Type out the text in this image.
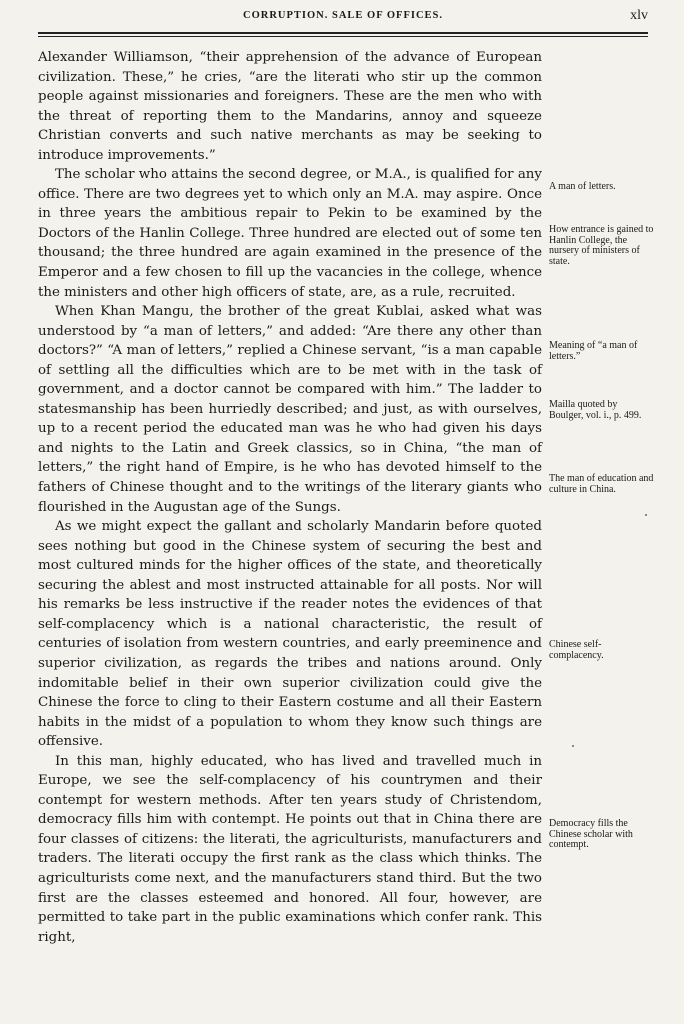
CORRUPTION. SALE OF OFFICES.	xlv

Alexander Williamson, “their apprehension of the advance of European civilization. These,” he cries, “are the literati who stir up the common people against missionaries and foreigners. These are the men who with the threat of reporting them to the Mandarins, annoy and squeeze Christian converts and such native merchants as may be seeking to introduce improvements.”

The scholar who attains the second degree, or M.A., is qualified for any office. There are two degrees yet to which only an M.A. may aspire. Once in three years the ambitious repair to Pekin to be examined by the Doctors of the Hanlin College. Three hundred are elected out of some ten thousand; the three hundred are again examined in the presence of the Emperor and a few chosen to fill up the vacancies in the college, whence the ministers and other high officers of state, are, as a rule, recruited.

When Khan Mangu, the brother of the great Kublai, asked what was understood by “a man of letters,” and added: “Are there any other than doctors?” “A man of letters,” replied a Chinese servant, “is a man capable of settling all the difficulties which are to be met with in the task of government, and a doctor cannot be compared with him.” The ladder to statesmanship has been hurriedly described; and just, as with ourselves, up to a recent period the educated man was he who had given his days and nights to the Latin and Greek classics, so in China, “the man of letters,” the right hand of Empire, is he who has devoted himself to the fathers of Chinese thought and to the writings of the literary giants who flourished in the Augustan age of the Sungs.

As we might expect the gallant and scholarly Mandarin before quoted sees nothing but good in the Chinese system of securing the best and most cultured minds for the higher offices of the state, and theoretically securing the ablest and most instructed attainable for all posts. Nor will his remarks be less instructive if the reader notes the evidences of that self-complacency which is a national characteristic, the result of centuries of isolation from western countries, and early preeminence and superior civilization, as regards the tribes and nations around. Only indomitable belief in their own superior civilization could give the Chinese the force to cling to their Eastern costume and all their Eastern habits in the midst of a population to whom they know such things are offensive.

In this man, highly educated, who has lived and travelled much in Europe, we see the self-complacency of his countrymen and their contempt for western methods. After ten years study of Christendom, democracy fills him with contempt. He points out that in China there are four classes of citizens: the literati, the agriculturists, manufacturers and traders. The literati occupy the first rank as the class which thinks. The agriculturists come next, and the manufacturers stand third. But the two first are the classes esteemed and honored. All four, however, are permitted to take part in the public examinations which confer rank. This right,

A man of letters.
How entrance is gained to Hanlin College, the nursery of ministers of state.
Meaning of “a man of letters.”
Mailla quoted by Boulger, vol. i., p. 499.
The man of education and culture in China.
Chinese self-complacency.
Democracy fills the Chinese scholar with contempt.
